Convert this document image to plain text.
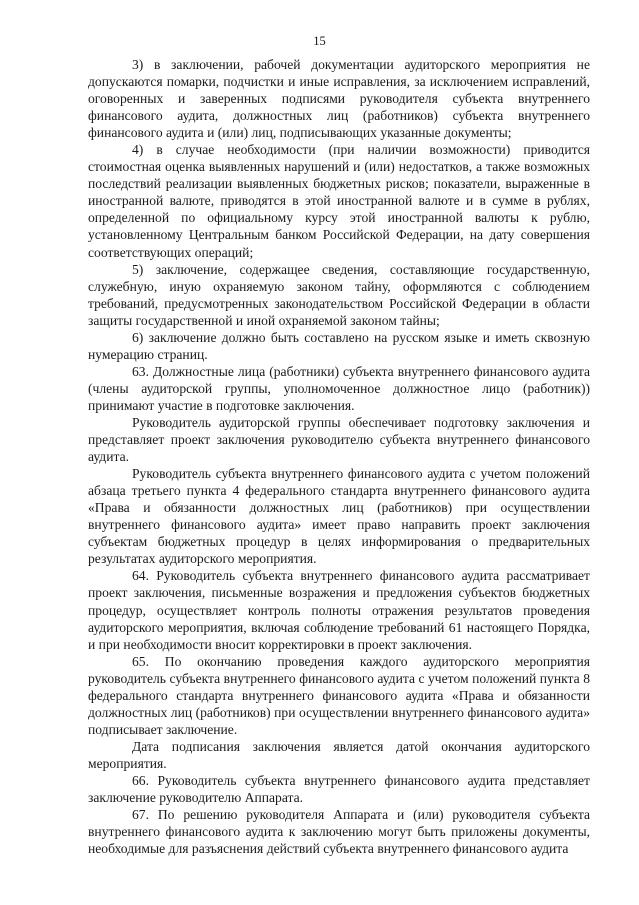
15

3) в заключении, рабочей документации аудиторского мероприятия не допускаются помарки, подчистки и иные исправления, за исключением исправлений, оговоренных и заверенных подписями руководителя субъекта внутреннего финансового аудита, должностных лиц (работников) субъекта внутреннего финансового аудита и (или) лиц, подписывающих указанные документы;

4) в случае необходимости (при наличии возможности) приводится стоимостная оценка выявленных нарушений и (или) недостатков, а также возможных последствий реализации выявленных бюджетных рисков; показатели, выраженные в иностранной валюте, приводятся в этой иностранной валюте и в сумме в рублях, определенной по официальному курсу этой иностранной валюты к рублю, установленному Центральным банком Российской Федерации, на дату совершения соответствующих операций;

5) заключение, содержащее сведения, составляющие государственную, служебную, иную охраняемую законом тайну, оформляются с соблюдением требований, предусмотренных законодательством Российской Федерации в области защиты государственной и иной охраняемой законом тайны;

6) заключение должно быть составлено на русском языке и иметь сквозную нумерацию страниц.

63. Должностные лица (работники) субъекта внутреннего финансового аудита (члены аудиторской группы, уполномоченное должностное лицо (работник)) принимают участие в подготовке заключения.

Руководитель аудиторской группы обеспечивает подготовку заключения и представляет проект заключения руководителю субъекта внутреннего финансового аудита.

Руководитель субъекта внутреннего финансового аудита с учетом положений абзаца третьего пункта 4 федерального стандарта внутреннего финансового аудита «Права и обязанности должностных лиц (работников) при осуществлении внутреннего финансового аудита» имеет право направить проект заключения субъектам бюджетных процедур в целях информирования о предварительных результатах аудиторского мероприятия.

64. Руководитель субъекта внутреннего финансового аудита рассматривает проект заключения, письменные возражения и предложения субъектов бюджетных процедур, осуществляет контроль полноты отражения результатов проведения аудиторского мероприятия, включая соблюдение требований 61 настоящего Порядка, и при необходимости вносит корректировки в проект заключения.

65. По окончанию проведения каждого аудиторского мероприятия руководитель субъекта внутреннего финансового аудита с учетом положений пункта 8 федерального стандарта внутреннего финансового аудита «Права и обязанности должностных лиц (работников) при осуществлении внутреннего финансового аудита» подписывает заключение.

Дата подписания заключения является датой окончания аудиторского мероприятия.

66. Руководитель субъекта внутреннего финансового аудита представляет заключение руководителю Аппарата.

67. По решению руководителя Аппарата и (или) руководителя субъекта внутреннего финансового аудита к заключению могут быть приложены документы, необходимые для разъяснения действий субъекта внутреннего финансового аудита
